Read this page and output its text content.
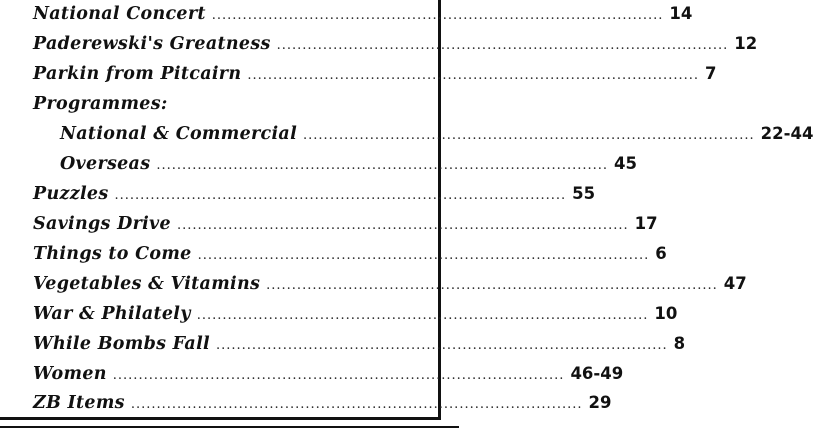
National Concert ........................................................................................ 14
Paderewski's Greatness ........................................................................................ 12
Parkin from Pitcairn ........................................................................................ 7
Programmes:
National & Commercial ........................................................................................ 22-44
Overseas ........................................................................................ 45
Puzzles ........................................................................................ 55
Savings Drive ........................................................................................ 17
Things to Come ........................................................................................ 6
Vegetables & Vitamins ........................................................................................ 47
War & Philately ........................................................................................ 10
While Bombs Fall ........................................................................................ 8
Women ........................................................................................ 46-49
ZB Items ........................................................................................ 29
